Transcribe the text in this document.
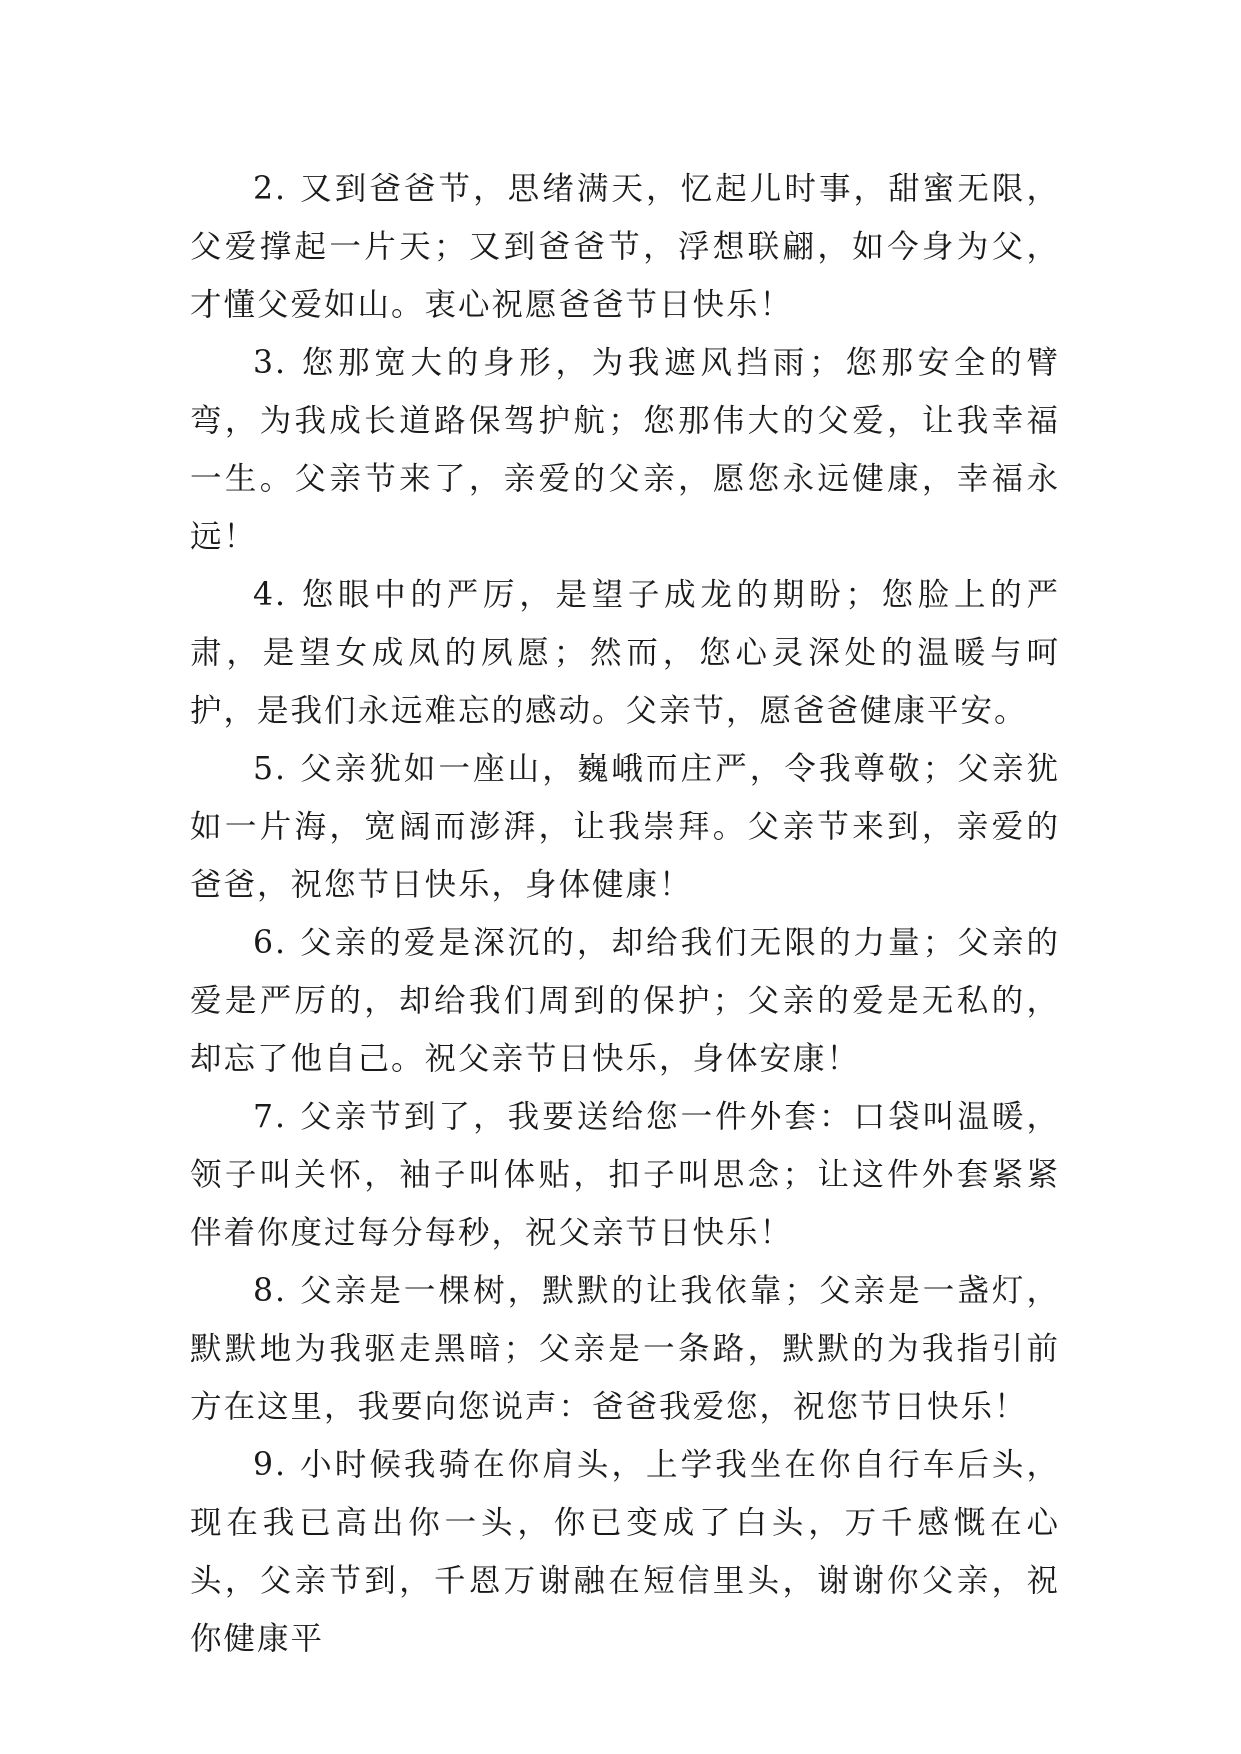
2. 又到爸爸节，思绪满天，忆起儿时事，甜蜜无限，父爱撑起一片天；又到爸爸节，浮想联翩，如今身为父，才懂父爱如山。衷心祝愿爸爸节日快乐！

3. 您那宽大的身形，为我遮风挡雨；您那安全的臂弯，为我成长道路保驾护航；您那伟大的父爱，让我幸福一生。父亲节来了，亲爱的父亲，愿您永远健康，幸福永远！

4. 您眼中的严厉，是望子成龙的期盼；您脸上的严肃，是望女成凤的夙愿；然而，您心灵深处的温暖与呵护，是我们永远难忘的感动。父亲节，愿爸爸健康平安。

5. 父亲犹如一座山，巍峨而庄严，令我尊敬；父亲犹如一片海，宽阔而澎湃，让我崇拜。父亲节来到，亲爱的爸爸，祝您节日快乐，身体健康！

6. 父亲的爱是深沉的，却给我们无限的力量；父亲的爱是严厉的，却给我们周到的保护；父亲的爱是无私的，却忘了他自己。祝父亲节日快乐，身体安康！

7. 父亲节到了，我要送给您一件外套：口袋叫温暖，领子叫关怀，袖子叫体贴，扣子叫思念；让这件外套紧紧伴着你度过每分每秒，祝父亲节日快乐！

8. 父亲是一棵树，默默的让我依靠；父亲是一盏灯，默默地为我驱走黑暗；父亲是一条路，默默的为我指引前方在这里，我要向您说声：爸爸我爱您，祝您节日快乐！

9. 小时候我骑在你肩头，上学我坐在你自行车后头，现在我已高出你一头，你已变成了白头，万千感慨在心头，父亲节到，千恩万谢融在短信里头，谢谢你父亲，祝你健康平
